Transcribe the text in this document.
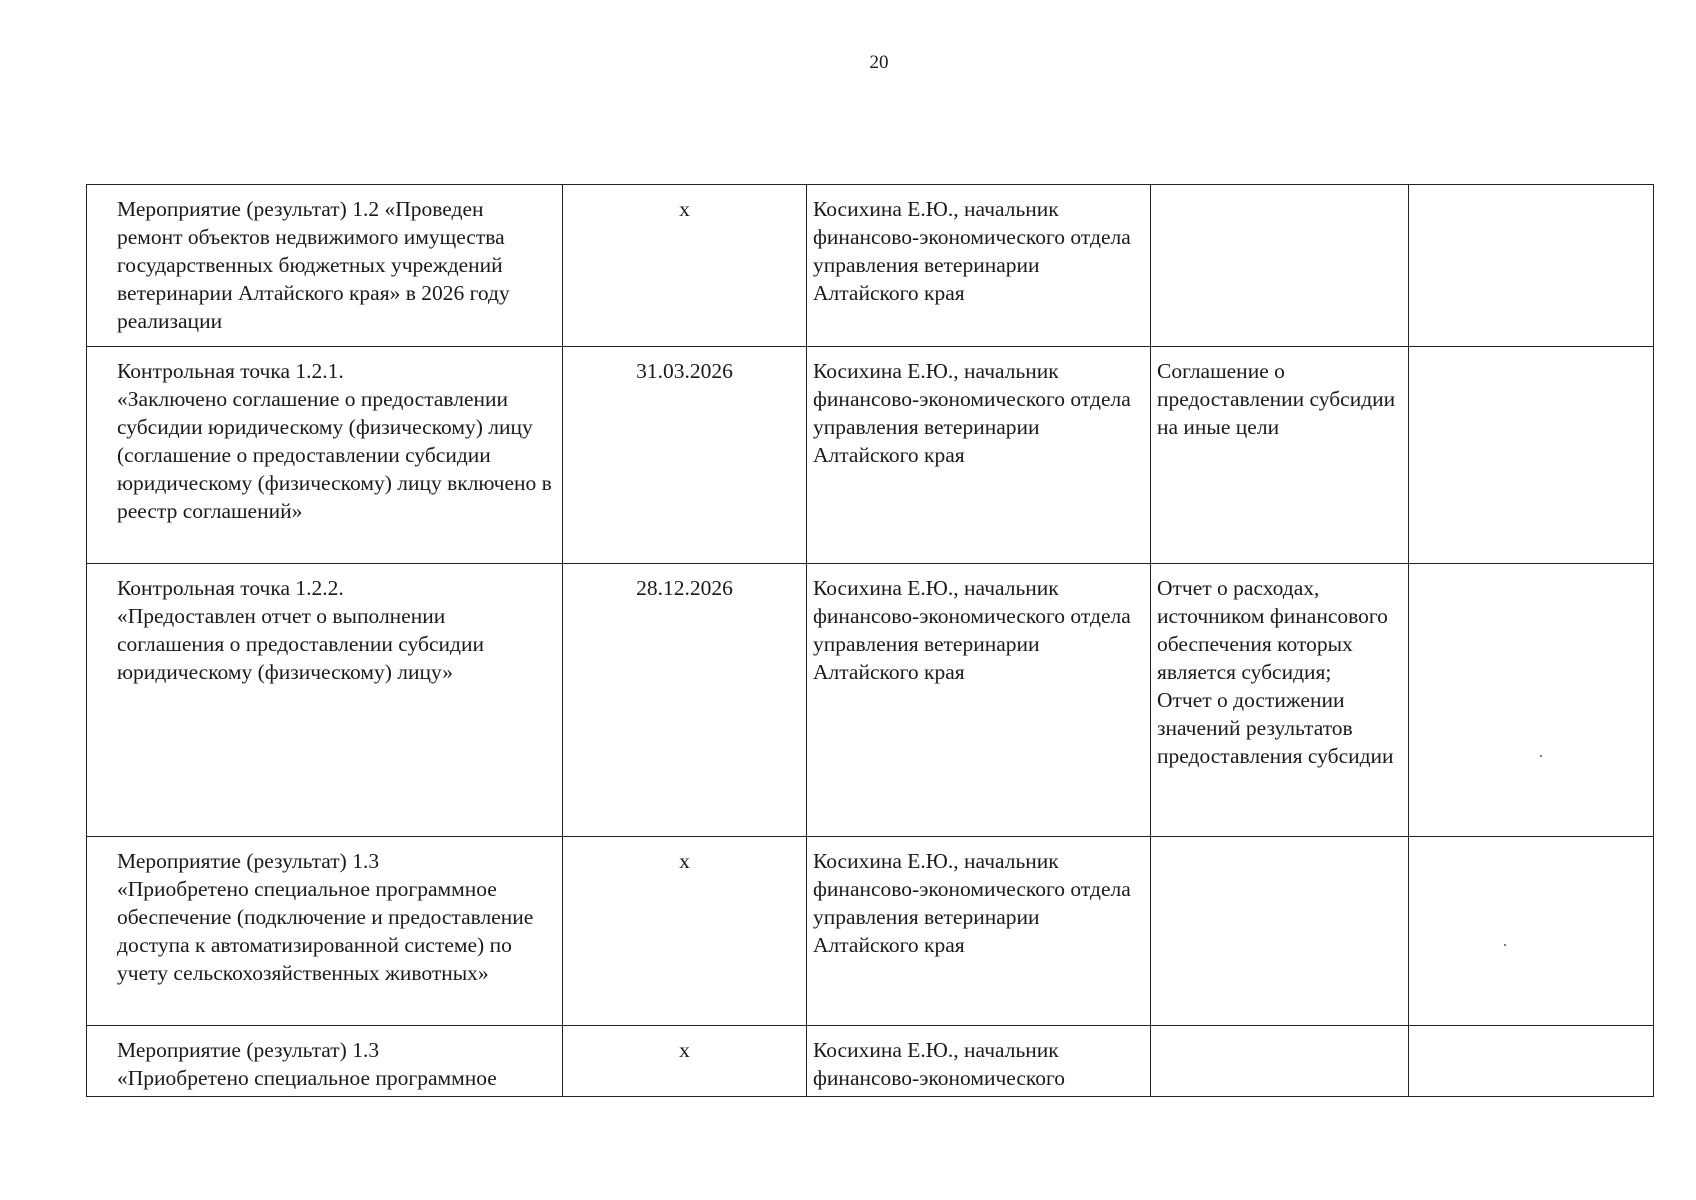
20
Мероприятие (результат) 1.2 «Проведен ремонт объектов недвижимого имущества государственных бюджетных учреждений ветеринарии Алтайского края» в 2026 году реализации	х	Косихина Е.Ю., начальник финансово-экономического отдела управления ветеринарии Алтайского края		
Контрольная точка 1.2.1.
«Заключено соглашение о предоставлении субсидии юридическому (физическому) лицу (соглашение о предоставлении субсидии юридическому (физическому) лицу включено в реестр соглашений»	31.03.2026	Косихина Е.Ю., начальник финансово-экономического отдела управления ветеринарии Алтайского края	Соглашение о предоставлении субсидии на иные цели	
Контрольная точка 1.2.2.
«Предоставлен отчет о выполнении соглашения о предоставлении субсидии юридическому (физическому) лицу»	28.12.2026	Косихина Е.Ю., начальник финансово-экономического отдела управления ветеринарии Алтайского края	Отчет о расходах, источником финансового обеспечения которых является субсидия;
Отчет о достижении значений результатов предоставления субсидии	
Мероприятие (результат) 1.3
«Приобретено специальное программное обеспечение (подключение и предоставление доступа к автоматизированной системе) по учету сельскохозяйственных животных»	х	Косихина Е.Ю., начальник финансово-экономического отдела управления ветеринарии Алтайского края		
Мероприятие (результат) 1.3
«Приобретено специальное программное	х	Косихина Е.Ю., начальник финансово-экономического		
